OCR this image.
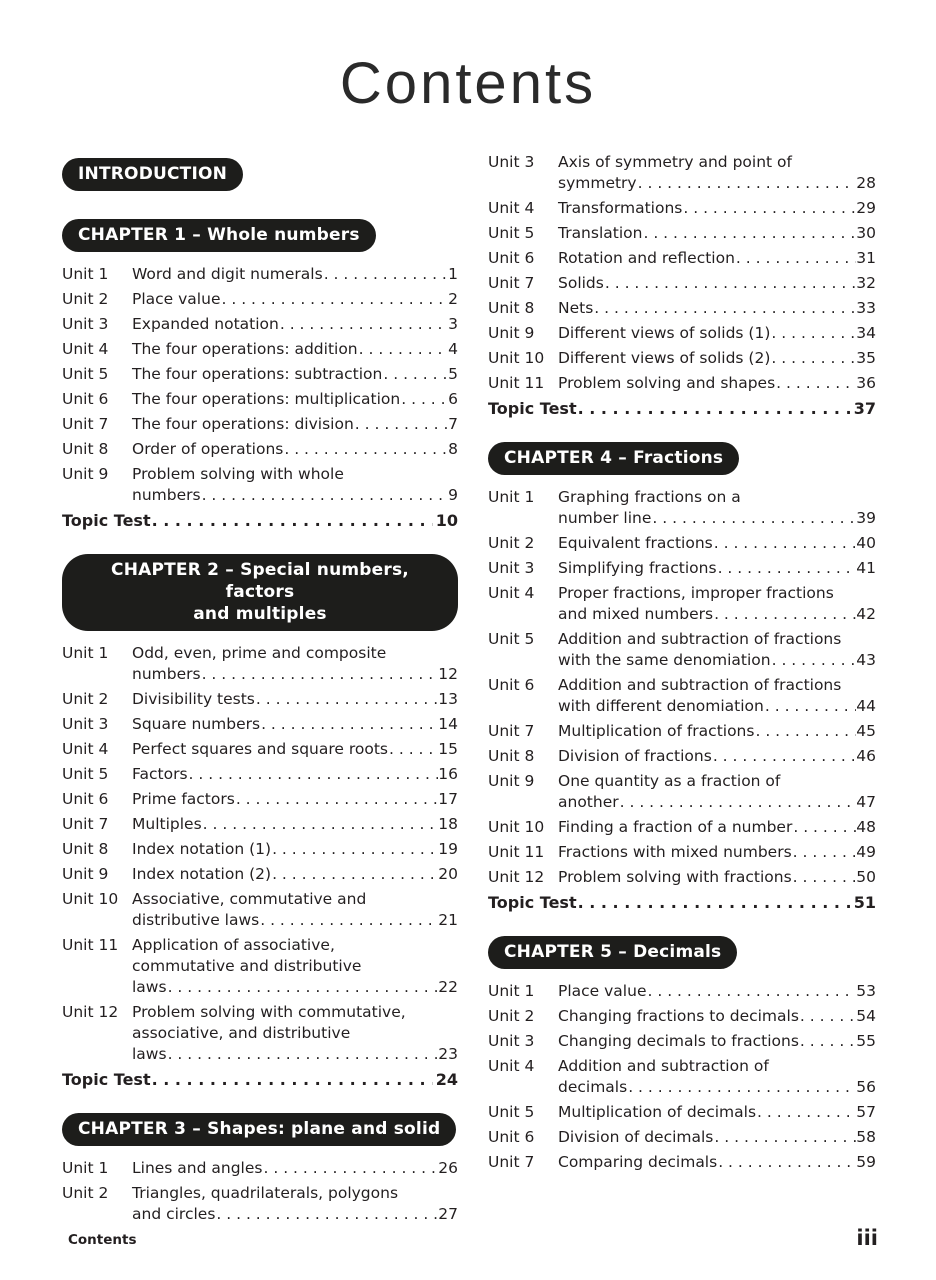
Contents
INTRODUCTION
CHAPTER 1 – Whole numbers
Unit 1	Word and digit numerals . . .	1
Unit 2	Place value . . .	2
Unit 3	Expanded notation . . .	3
Unit 4	The four operations: addition . . .	4
Unit 5	The four operations: subtraction . . .	5
Unit 6	The four operations: multiplication . . .	6
Unit 7	The four operations: division . . .	7
Unit 8	Order of operations . . .	8
Unit 9	Problem solving with whole
numbers . . .	9
Topic Test . . .	10
CHAPTER 2 – Special numbers, factors
and multiples
Unit 1	Odd, even, prime and composite
numbers . . .	12
Unit 2	Divisibility tests . . .	13
Unit 3	Square numbers . . .	14
Unit 4	Perfect squares and square roots . . .	15
Unit 5	Factors . . .	16
Unit 6	Prime factors . . .	17
Unit 7	Multiples . . .	18
Unit 8	Index notation (1) . . .	19
Unit 9	Index notation (2) . . .	20
Unit 10 Associative, commutative and
distributive laws . . .	21
Unit 11 Application of associative,
commutative and distributive
laws . . .	22
Unit 12 Problem solving with commutative,
associative, and distributive
laws . . .	23
Topic Test . . .	24
CHAPTER 3 – Shapes: plane and solid
Unit 1	Lines and angles . . .	26
Unit 2	Triangles, quadrilaterals, polygons
and circles . . .	27
Unit 3	Axis of symmetry and point of
symmetry . . .	28
Unit 4	Transformations . . .	29
Unit 5	Translation . . .	30
Unit 6	Rotation and reflection . . .	31
Unit 7	Solids . . .	32
Unit 8	Nets . . .	33
Unit 9	Different views of solids (1) . . .	34
Unit 10 Different views of solids (2) . . .	35
Unit 11 Problem solving and shapes . . .	36
Topic Test . . .	37
CHAPTER 4 – Fractions
Unit 1	Graphing fractions on a
number line . . .	39
Unit 2	Equivalent fractions . . .	40
Unit 3	Simplifying fractions . . .	41
Unit 4	Proper fractions, improper fractions
and mixed numbers . . .	42
Unit 5	Addition and subtraction of fractions
with the same denomiation . . .	43
Unit 6	Addition and subtraction of fractions
with different denomiation . . .	44
Unit 7	Multiplication of fractions . . .	45
Unit 8	Division of fractions . . .	46
Unit 9	One quantity as a fraction of
another . . .	47
Unit 10 Finding a fraction of a number . . .	48
Unit 11 Fractions with mixed numbers . . .	49
Unit 12 Problem solving with fractions . . .	50
Topic Test . . .	51
CHAPTER 5 – Decimals
Unit 1	Place value . . .	53
Unit 2	Changing fractions to decimals . . .	54
Unit 3	Changing decimals to fractions . . .	55
Unit 4	Addition and subtraction of
decimals . . .	56
Unit 5	Multiplication of decimals . . .	57
Unit 6	Division of decimals . . .	58
Unit 7	Comparing decimals . . .	59
Contents	iii
